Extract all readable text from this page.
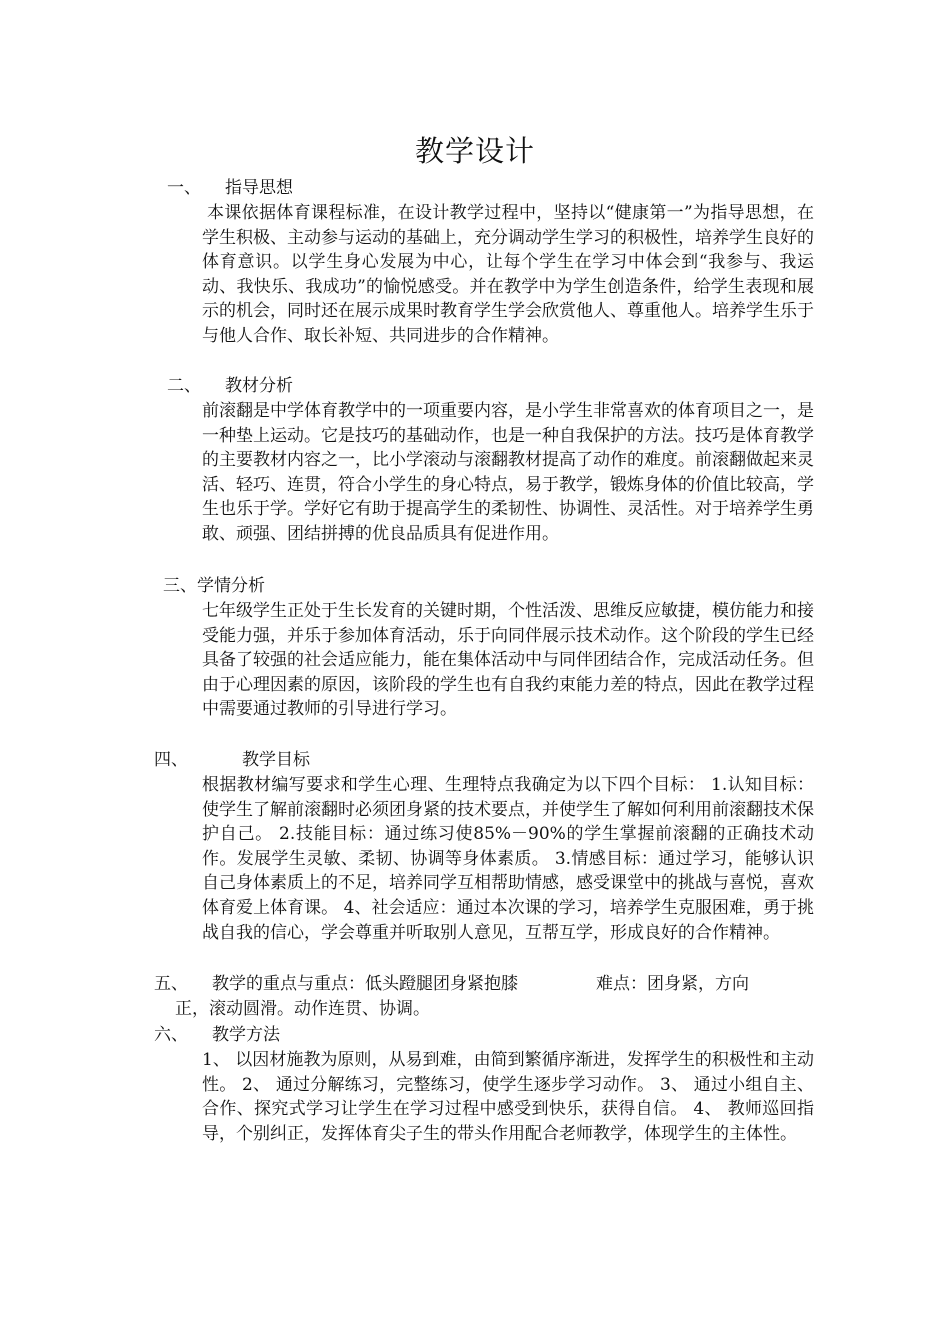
教学设计
一、 指导思想
本课依据体育课程标准，在设计教学过程中，坚持以“健康第一”为指导思想，在学生积极、主动参与运动的基础上，充分调动学生学习的积极性，培养学生良好的体育意识。以学生身心发展为中心，让每个学生在学习中体会到“我参与、我运动、我快乐、我成功”的愉悦感受。并在教学中为学生创造条件，给学生表现和展示的机会，同时还在展示成果时教育学生学会欣赏他人、尊重他人。培养学生乐于与他人合作、取长补短、共同进步的合作精神。
二、 教材分析
前滚翻是中学体育教学中的一项重要内容，是小学生非常喜欢的体育项目之一，是一种垫上运动。它是技巧的基础动作，也是一种自我保护的方法。技巧是体育教学的主要教材内容之一，比小学滚动与滚翻教材提高了动作的难度。前滚翻做起来灵活、轻巧、连贯，符合小学生的身心特点，易于教学，锻炼身体的价值比较高，学生也乐于学。学好它有助于提高学生的柔韧性、协调性、灵活性。对于培养学生勇敢、顽强、团结拼搏的优良品质具有促进作用。
三、学情分析
七年级学生正处于生长发育的关键时期，个性活泼、思维反应敏捷，模仿能力和接受能力强，并乐于参加体育活动，乐于向同伴展示技术动作。这个阶段的学生已经具备了较强的社会适应能力，能在集体活动中与同伴团结合作，完成活动任务。但由于心理因素的原因，该阶段的学生也有自我约束能力差的特点，因此在教学过程中需要通过教师的引导进行学习。
四、	教学目标
根据教材编写要求和学生心理、生理特点我确定为以下四个目标： 1.认知目标：使学生了解前滚翻时必须团身紧的技术要点，并使学生了解如何利用前滚翻技术保护自己。 2.技能目标：通过练习使85%－90%的学生掌握前滚翻的正确技术动作。发展学生灵敏、柔韧、协调等身体素质。 3.情感目标：通过学习，能够认识自己身体素质上的不足，培养同学互相帮助情感，感受课堂中的挑战与喜悦，喜欢体育爱上体育课。 4、社会适应：通过本次课的学习，培养学生克服困难，勇于挑战自我的信心，学会尊重并听取别人意见，互帮互学，形成良好的合作精神。
五、 教学的重点与重点：低头蹬腿团身紧抱膝	难点：团身紧，方向
正，滚动圆滑。动作连贯、协调。
六、 教学方法
1、 以因材施教为原则，从易到难，由简到繁循序渐进，发挥学生的积极性和主动性。 2、 通过分解练习，完整练习，使学生逐步学习动作。 3、 通过小组自主、合作、探究式学习让学生在学习过程中感受到快乐，获得自信。 4、 教师巡回指导，个别纠正，发挥体育尖子生的带头作用配合老师教学，体现学生的主体性。
